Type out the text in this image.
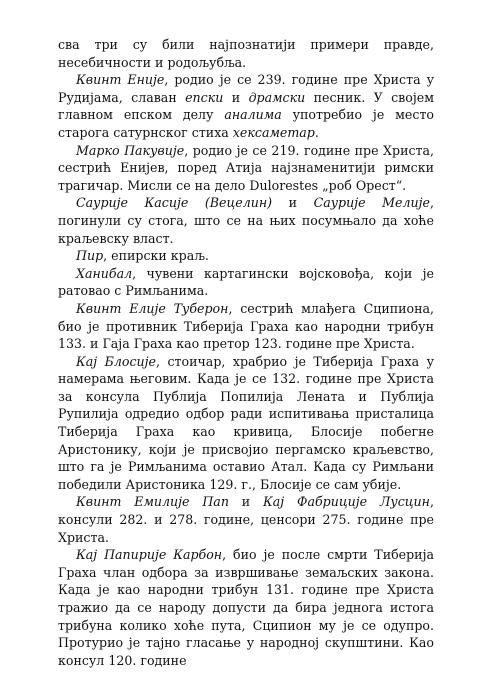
сва три су били најпознатији примери правде, несебичности и родољубља.

Квинт Еније, родио је се 239. године пре Христа у Рудијама, славан епски и драмски песник. У своjем главном епском делу аналима употребио је место старога сатурнског стиха хексаметар.

Марко Пакувије, родио је се 219. године пре Христа, сестрић Енијев, поред Атија најзнаменитији римски трагичар. Мисли се на дело Dulorestes „роб Орест“.

Саурије Касије (Вецелин) и Саурије Мелије, погинули су стога, што се на њих посумњало да хоће краљевску власт.

Пир, епирски краљ.

Ханибал, чувени картагински војсковођа, који је ратовао с Римљанима.

Квинт Елије Туберон, сестрић млађега Сципиона, био је противник Тиберија Граха као народни трибун 133. и Гаја Граха као претор 123. године пре Христа.

Кај Блосије, стоичар, храбрио је Тиберија Граха у намерама његовим. Када је се 132. године пре Христа за консула Публија Попилија Лената и Публија Рупилија одредио одбор ради испитивања присталица Тиберија Граха као кривица, Блосије побегне Аристонику, који је присвојио пергамско краљевство, што га је Римљанима оставио Атал. Када су Римљани победили Аристоника 129. г., Блосије се сам убије.

Квинт Емилије Пап и Кај Фабриције Лусцин, консули 282. и 278. године, ценсори 275. године пре Христа.

Кај Папирије Карбон, био је после смрти Тиберија Граха члан одбора за извршивање земаљских закона. Када је као народни трибун 131. године пре Христа тражио да се народу допусти да бира једнога истога трибуна колико хоће пута, Сципион му је се одупро. Протурио је тајно гласање у народној скупштини. Као консул 120. године
